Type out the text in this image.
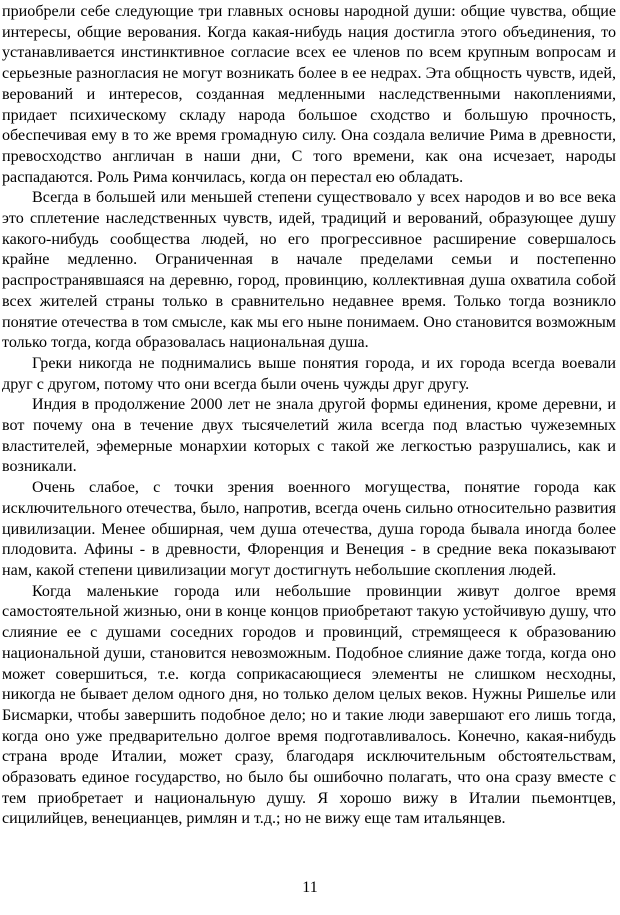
приобрели себе следующие три главных основы народной души: общие чувства, общие интересы, общие верования. Когда какая-нибудь нация достигла этого объединения, то устанавливается инстинктивное согласие всех ее членов по всем крупным вопросам и серьезные разногласия не могут возникать более в ее недрах. Эта общность чувств, идей, верований и интересов, созданная медленными наследственными накоплениями, придает психическому складу народа большое сходство и большую прочность, обеспечивая ему в то же время громадную силу. Она создала величие Рима в древности, превосходство англичан в наши дни, С того времени, как она исчезает, народы распадаются. Роль Рима кончилась, когда он перестал ею обладать.

Всегда в большей или меньшей степени существовало у всех народов и во все века это сплетение наследственных чувств, идей, традиций и верований, образующее душу какого-нибудь сообщества людей, но его прогрессивное расширение совершалось крайне медленно. Ограниченная в начале пределами семьи и постепенно распространявшаяся на деревню, город, провинцию, коллективная душа охватила собой всех жителей страны только в сравнительно недавнее время. Только тогда возникло понятие отечества в том смысле, как мы его ныне понимаем. Оно становится возможным только тогда, когда образовалась национальная душа.

Греки никогда не поднимались выше понятия города, и их города всегда воевали друг с другом, потому что они всегда были очень чужды друг другу.

Индия в продолжение 2000 лет не знала другой формы единения, кроме деревни, и вот почему она в течение двух тысячелетий жила всегда под властью чужеземных властителей, эфемерные монархии которых с такой же легкостью разрушались, как и возникали.

Очень слабое, с точки зрения военного могущества, понятие города как исключительного отечества, было, напротив, всегда очень сильно относительно развития цивилизации. Менее обширная, чем душа отечества, душа города бывала иногда более плодовита. Афины - в древности, Флоренция и Венеция - в средние века показывают нам, какой степени цивилизации могут достигнуть небольшие скопления людей.

Когда маленькие города или небольшие провинции живут долгое время самостоятельной жизнью, они в конце концов приобретают такую устойчивую душу, что слияние ее с душами соседних городов и провинций, стремящееся к образованию национальной души, становится невозможным. Подобное слияние даже тогда, когда оно может совершиться, т.е. когда соприкасающиеся элементы не слишком несходны, никогда не бывает делом одного дня, но только делом целых веков. Нужны Ришелье или Бисмарки, чтобы завершить подобное дело; но и такие люди завершают его лишь тогда, когда оно уже предварительно долгое время подготавливалось. Конечно, какая-нибудь страна вроде Италии, может сразу, благодаря исключительным обстоятельствам, образовать единое государство, но было бы ошибочно полагать, что она сразу вместе с тем приобретает и национальную душу. Я хорошо вижу в Италии пьемонтцев, сицилийцев, венецианцев, римлян и т.д.; но не вижу еще там итальянцев.

11
